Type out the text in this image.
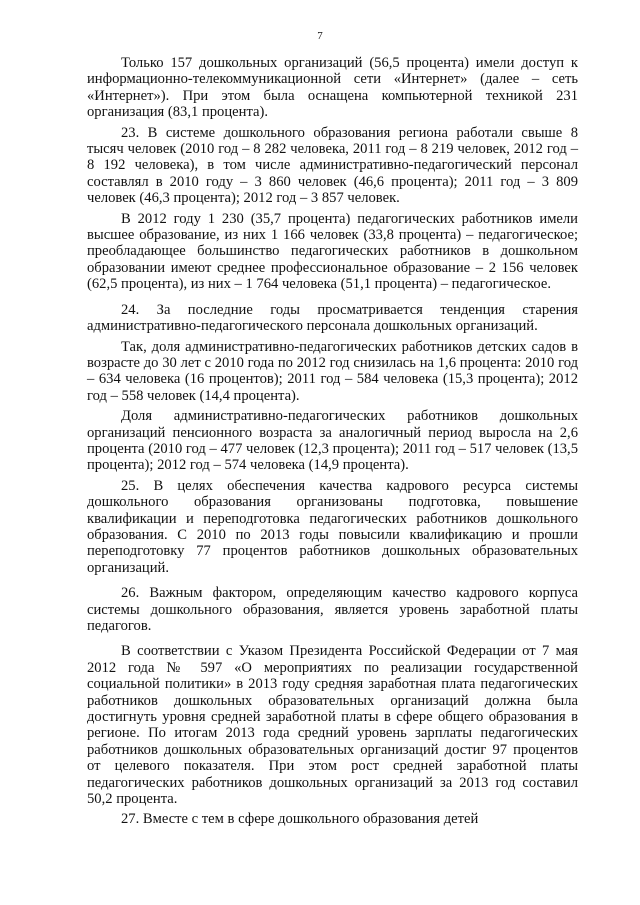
7

Только 157 дошкольных организаций (56,5 процента) имели доступ к информационно-телекоммуникационной сети «Интернет» (далее – сеть «Интернет»). При этом была оснащена компьютерной техникой 231 организация (83,1 процента).

23. В системе дошкольного образования региона работали свыше 8 тысяч человек (2010 год – 8 282 человека, 2011 год – 8 219 человек, 2012 год – 8 192 человека), в том числе административно-педагогический персонал составлял в 2010 году – 3 860 человек (46,6 процента); 2011 год – 3 809 человек (46,3 процента); 2012 год – 3 857 человек.

В 2012 году 1 230 (35,7 процента) педагогических работников имели высшее образование, из них 1 166 человек (33,8 процента) – педагогическое; преобладающее большинство педагогических работников в дошкольном образовании имеют среднее профессиональное образование – 2 156 человек (62,5 процента), из них – 1 764 человека (51,1 процента) – педагогическое.

24. За последние годы просматривается тенденция старения административно-педагогического персонала дошкольных организаций.

Так, доля административно-педагогических работников детских садов в возрасте до 30 лет с 2010 года по 2012 год снизилась на 1,6 процента: 2010 год – 634 человека (16 процентов); 2011 год – 584 человека (15,3 процента); 2012 год – 558 человек (14,4 процента).

Доля административно-педагогических работников дошкольных организаций пенсионного возраста за аналогичный период выросла на 2,6 процента (2010 год – 477 человек (12,3 процента); 2011 год – 517 человек (13,5 процента); 2012 год – 574 человека (14,9 процента).

25. В целях обеспечения качества кадрового ресурса системы дошкольного образования организованы подготовка, повышение квалификации и переподготовка педагогических работников дошкольного образования. С 2010 по 2013 годы повысили квалификацию и прошли переподготовку 77 процентов работников дошкольных образовательных организаций.

26. Важным фактором, определяющим качество кадрового корпуса системы дошкольного образования, является уровень заработной платы педагогов.

В соответствии с Указом Президента Российской Федерации от 7 мая 2012 года № 597 «О мероприятиях по реализации государственной социальной политики» в 2013 году средняя заработная плата педагогических работников дошкольных образовательных организаций должна была достигнуть уровня средней заработной платы в сфере общего образования в регионе. По итогам 2013 года средний уровень зарплаты педагогических работников дошкольных образовательных организаций достиг 97 процентов от целевого показателя. При этом рост средней заработной платы педагогических работников дошкольных организаций за 2013 год составил 50,2 процента.

27. Вместе с тем в сфере дошкольного образования детей
